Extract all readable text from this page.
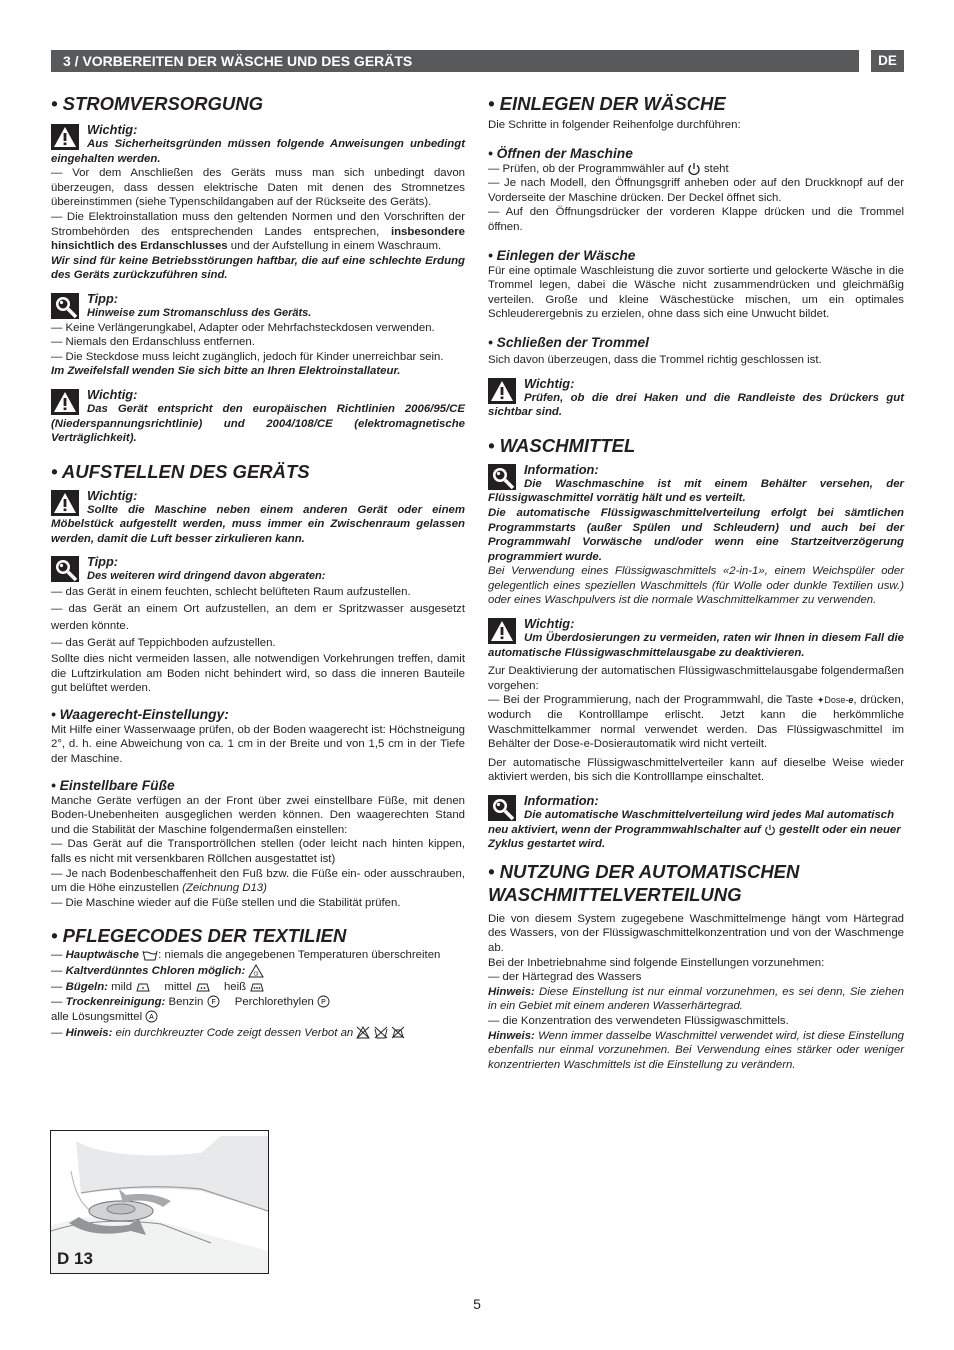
3 / VORBEREITEN DER WÄSCHE UND DES GERÄTS	DE
• STROMVERSORGUNG
Wichtig:

Aus Sicherheitsgründen müssen folgende Anweisungen unbedingt eingehalten werden.

— Vor dem Anschließen des Geräts muss man sich unbedingt davon überzeugen, dass dessen elektrische Daten mit denen des Stromnetzes übereinstimmen (siehe Typenschildangaben auf der Rückseite des Geräts).

— Die Elektroinstallation muss den geltenden Normen und den Vorschriften der Strombehörden des entsprechenden Landes entsprechen, insbesondere hinsichtlich des Erdanschlusses und der Aufstellung in einem Waschraum.

Wir sind für keine Betriebsstörungen haftbar, die auf eine schlechte Erdung des Geräts zurückzuführen sind.

Tipp:

Hinweise zum Stromanschluss des Geräts.

— Keine Verlängerungkabel, Adapter oder Mehrfachsteckdosen verwenden.

— Niemals den Erdanschluss entfernen.

— Die Steckdose muss leicht zugänglich, jedoch für Kinder unerreichbar sein.

Im Zweifelsfall wenden Sie sich bitte an Ihren Elektroinstallateur.

Wichtig:

Das Gerät entspricht den europäischen Richtlinien 2006/95/CE (Niederspannungsrichtlinie) und 2004/108/CE (elektromagnetische Verträglichkeit).

• AUFSTELLEN DES GERÄTS
Wichtig:

Sollte die Maschine neben einem anderen Gerät oder einem Möbelstück aufgestellt werden, muss immer ein Zwischenraum gelassen werden, damit die Luft besser zirkulieren kann.

Tipp:

Des weiteren wird dringend davon abgeraten:

— das Gerät in einem feuchten, schlecht belüfteten Raum aufzustellen.

— das Gerät an einem Ort aufzustellen, an dem er Spritzwasser ausgesetzt werden könnte.

— das Gerät auf Teppichboden aufzustellen.

Sollte dies nicht vermeiden lassen, alle notwendigen Vorkehrungen treffen, damit die Luftzirkulation am Boden nicht behindert wird, so dass die inneren Bauteile gut belüftet werden.

• Waagerecht-Einstellungy:

Mit Hilfe einer Wasserwaage prüfen, ob der Boden waagerecht ist: Höchstneigung 2°, d. h. eine Abweichung von ca. 1 cm in der Breite und von 1,5 cm in der Tiefe der Maschine.

• Einstellbare Füße

Manche Geräte verfügen an der Front über zwei einstellbare Füße, mit denen Boden-Unebenheiten ausgeglichen werden können. Den waagerechten Stand und die Stabilität der Maschine folgendermaßen einstellen:

— Das Gerät auf die Transportröllchen stellen (oder leicht nach hinten kippen, falls es nicht mit versenkbaren Röllchen ausgestattet ist)

— Je nach Bodenbeschaffenheit den Fuß bzw. die Füße ein- oder ausschrauben, um die Höhe einzustellen (Zeichnung D13)

— Die Maschine wieder auf die Füße stellen und die Stabilität prüfen.

• PFLEGECODES DER TEXTILIEN

— Hauptwäsche : niemals die angegebenen Temperaturen überschreiten

— Kaltverdünntes Chloren möglich: Cl

— Bügeln: mild	mittel	heiß

— Trockenreinigung: Benzin F Perchlorethylen P

alle Lösungsmittel A

— Hinweis: ein durchkreuzter Code zeigt dessen Verbot an

D 13
• EINLEGEN DER WÄSCHE

Die Schritte in folgender Reihenfolge durchführen:

• Öffnen der Maschine

— Prüfen, ob der Programmwähler auf steht

— Je nach Modell, den Öffnungsgriff anheben oder auf den Druckknopf auf der Vorderseite der Maschine drücken. Der Deckel öffnet sich.

— Auf den Öffnungsdrücker der vorderen Klappe drücken und die Trommel öffnen.

• Einlegen der Wäsche

Für eine optimale Waschleistung die zuvor sortierte und gelockerte Wäsche in die Trommel legen, dabei die Wäsche nicht zusammendrücken und gleichmäßig verteilen. Große und kleine Wäschestücke mischen, um ein optimales Schleuderergebnis zu erzielen, ohne dass sich eine Unwucht bildet.

• Schließen der Trommel

Sich davon überzeugen, dass die Trommel richtig geschlossen ist.

Wichtig:

Prüfen, ob die drei Haken und die Randleiste des Drückers gut sichtbar sind.

• WASCHMITTEL
Information:

Die Waschmaschine ist mit einem Behälter versehen, der Flüssigwaschmittel vorrätig hält und es verteilt.

Die automatische Flüssigwaschmittelverteilung erfolgt bei sämtlichen Programmstarts (außer Spülen und Schleudern) und auch bei der Programmwahl Vorwäsche und/oder wenn eine Startzeitverzögerung programmiert wurde.

Bei Verwendung eines Flüssigwaschmittels «2-in-1», einem Weichspüler oder gelegentlich eines speziellen Waschmittels (für Wolle oder dunkle Textilien usw.) oder eines Waschpulvers ist die normale Waschmittelkammer zu verwenden.

Wichtig:

Um Überdosierungen zu vermeiden, raten wir Ihnen in diesem Fall die automatische Flüssigwaschmittelausgabe zu deaktivieren.

Zur Deaktivierung der automatischen Flüssigwaschmittelausgabe folgendermaßen vorgehen:

— Bei der Programmierung, nach der Programmwahl, die Taste ✦Dose-e, drücken, wodurch die Kontrolllampe erlischt. Jetzt kann die herkömmliche Waschmittelkammer normal verwendet werden. Das Flüssigwaschmittel im Behälter der Dose-e-Dosierautomatik wird nicht verteilt.

Der automatische Flüssigwaschmittelverteiler kann auf dieselbe Weise wieder aktiviert werden, bis sich die Kontrolllampe einschaltet.

Information:

Die automatische Waschmittelverteilung wird jedes Mal automatisch neu aktiviert, wenn der Programmwahlschalter auf gestellt oder ein neuer Zyklus gestartet wird.

• NUTZUNG DER AUTOMATISCHEN WASCHMITTELVERTEILUNG

Die von diesem System zugegebene Waschmittelmenge hängt vom Härtegrad des Wassers, von der Flüssigwaschmittelkonzentration und von der Waschmenge ab.

Bei der Inbetriebnahme sind folgende Einstellungen vorzunehmen:

— der Härtegrad des Wassers

Hinweis: Diese Einstellung ist nur einmal vorzunehmen, es sei denn, Sie ziehen in ein Gebiet mit einem anderen Wasserhärtegrad.

— die Konzentration des verwendeten Flüssigwaschmittels.

Hinweis: Wenn immer dasselbe Waschmittel verwendet wird, ist diese Einstellung ebenfalls nur einmal vorzunehmen. Bei Verwendung eines stärker oder weniger konzentrierten Waschmittels ist die Einstellung zu verändern.

5
